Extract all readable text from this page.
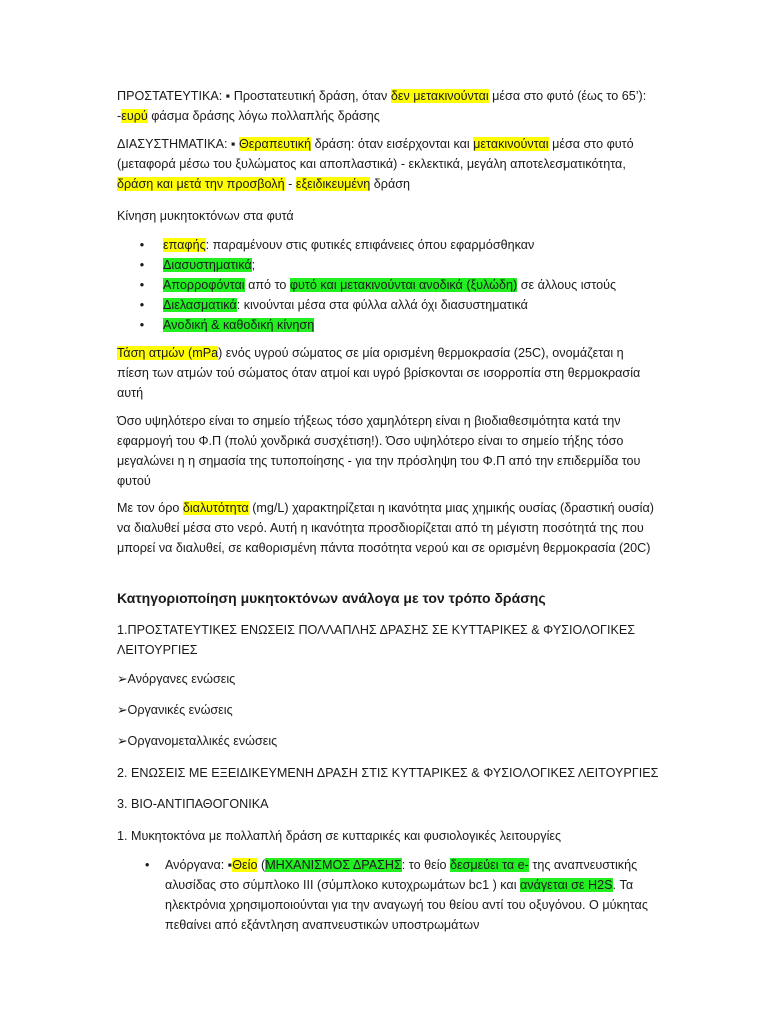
ΠΡΟΣΤΑΤΕΥΤΙΚΑ: ▪ Προστατευτική δράση, όταν δεν μετακινούνται μέσα στο φυτό (έως το 65’): -ευρύ φάσμα δράσης λόγω πολλαπλής δράσης
ΔΙΑΣΥΣΤΗΜΑΤΙΚΑ: ▪ Θεραπευτική δράση: όταν εισέρχονται και μετακινούνται μέσα στο φυτό (μεταφορά μέσω του ξυλώματος και αποπλαστικά) - εκλεκτικά, μεγάλη αποτελεσματικότητα, δράση και μετά την προσβολή - εξειδικευμένη δράση
Κίνηση μυκητοκτόνων στα φυτά
• επαφής: παραμένουν στις φυτικές επιφάνειες όπου εφαρμόσθηκαν
• Διασυστηματικά;
• Απορροφόνται από το φυτό και μετακινούνται ανοδικά (ξυλώδη) σε άλλους ιστούς
• Διελασματικά: κινούνται μέσα στα φύλλα αλλά όχι διασυστηματικά
• Ανοδική & καθοδική κίνηση
Τάση ατμών (mPa) ενός υγρού σώματος σε μία ορισμένη θερμοκρασία (25C), ονομάζεται η πίεση των ατμών τού σώματος όταν ατμοί και υγρό βρίσκονται σε ισορροπία στη θερμοκρασία αυτή
Όσο υψηλότερο είναι το σημείο τήξεως τόσο χαμηλότερη είναι η βιοδιαθεσιμότητα κατά την εφαρμογή του Φ.Π (πολύ χονδρικά συσχέτιση!). Όσο υψηλότερο είναι το σημείο τήξης τόσο μεγαλώνει η η σημασία της τυποποίησης - για την πρόσληψη του Φ.Π από την επιδερμίδα του φυτού
Με τον όρο διαλυτότητα (mg/L) χαρακτηρίζεται η ικανότητα μιας χημικής ουσίας (δραστική ουσία) να διαλυθεί μέσα στο νερό. Αυτή η ικανότητα προσδιορίζεται από τη μέγιστη ποσότητά της που μπορεί να διαλυθεί, σε καθορισμένη πάντα ποσότητα νερού και σε ορισμένη θερμοκρασία (20C)
Κατηγοριοποίηση μυκητοκτόνων ανάλογα με τον τρόπο δράσης
1.ΠΡΟΣΤΑΤΕΥΤΙΚΕΣ ΕΝΩΣΕΙΣ ΠΟΛΛΑΠΛΗΣ ΔΡΑΣΗΣ ΣΕ ΚΥΤΤΑΡΙΚΕΣ & ΦΥΣΙΟΛΟΓΙΚΕΣ ΛΕΙΤΟΥΡΓΙΕΣ
➢Ανόργανες ενώσεις
➢Οργανικές ενώσεις
➢Οργανομεταλλικές ενώσεις
2. ΕΝΩΣΕΙΣ ΜΕ ΕΞΕΙΔΙΚΕΥΜΕΝΗ ΔΡΑΣΗ ΣΤΙΣ ΚΥΤΤΑΡΙΚΕΣ & ΦΥΣΙΟΛΟΓΙΚΕΣ ΛΕΙΤΟΥΡΓΙΕΣ
3. ΒΙΟ-ΑΝΤΙΠΑΘΟΓΟΝΙΚΑ
1. Μυκητοκτόνα με πολλαπλή δράση σε κυτταρικές και φυσιολογικές λειτουργίες
• Ανόργανα: ▪Θείο (ΜΗΧΑΝΙΣΜΟΣ ΔΡΑΣΗΣ: το θείο δεσμεύει τα e- της αναπνευστικής αλυσίδας στο σύμπλοκο ΙΙΙ (σύμπλοκο κυτοχρωμάτων bc1 ) και ανάγεται σε H2S. Τα ηλεκτρόνια χρησιμοποιούνται για την αναγωγή του θείου αντί του οξυγόνου. Ο μύκητας πεθαίνει από εξάντληση αναπνευστικών υποστρωμάτων
